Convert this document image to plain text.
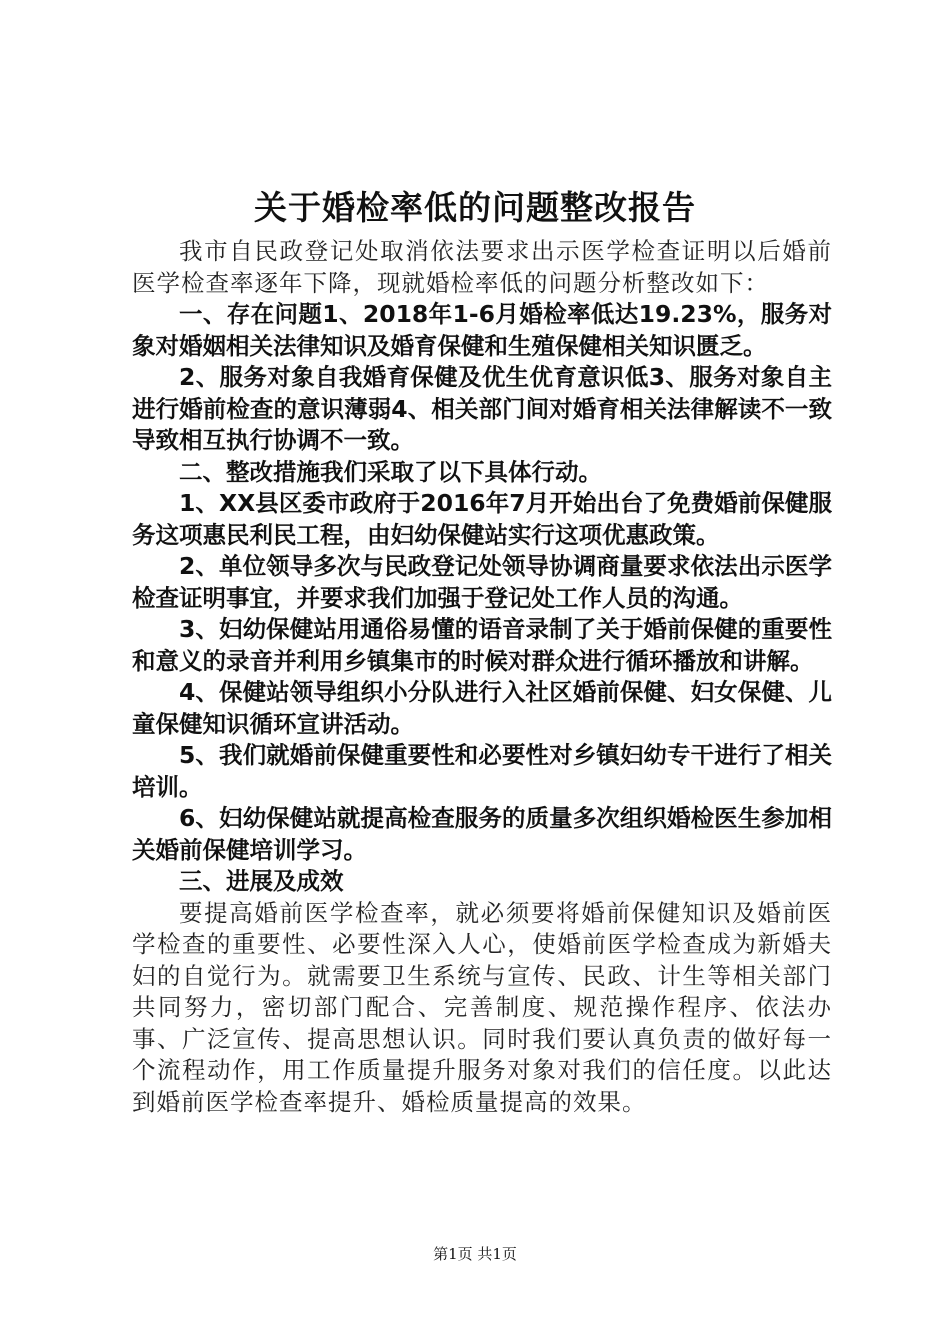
关于婚检率低的问题整改报告

我市自民政登记处取消依法要求出示医学检查证明以后婚前医学检查率逐年下降，现就婚检率低的问题分析整改如下：

一、存在问题1、2018年1-6月婚检率低达19.23%，服务对象对婚姻相关法律知识及婚育保健和生殖保健相关知识匮乏。

2、服务对象自我婚育保健及优生优育意识低3、服务对象自主进行婚前检查的意识薄弱4、相关部门间对婚育相关法律解读不一致导致相互执行协调不一致。

二、整改措施我们采取了以下具体行动。

1、XX县区委市政府于2016年7月开始出台了免费婚前保健服务这项惠民利民工程，由妇幼保健站实行这项优惠政策。

2、单位领导多次与民政登记处领导协调商量要求依法出示医学检查证明事宜，并要求我们加强于登记处工作人员的沟通。

3、妇幼保健站用通俗易懂的语音录制了关于婚前保健的重要性和意义的录音并利用乡镇集市的时候对群众进行循环播放和讲解。

4、保健站领导组织小分队进行入社区婚前保健、妇女保健、儿童保健知识循环宣讲活动。

5、我们就婚前保健重要性和必要性对乡镇妇幼专干进行了相关培训。

6、妇幼保健站就提高检查服务的质量多次组织婚检医生参加相关婚前保健培训学习。

三、进展及成效

要提高婚前医学检查率，就必须要将婚前保健知识及婚前医学检查的重要性、必要性深入人心，使婚前医学检查成为新婚夫妇的自觉行为。就需要卫生系统与宣传、民政、计生等相关部门共同努力，密切部门配合、完善制度、规范操作程序、依法办事、广泛宣传、提高思想认识。同时我们要认真负责的做好每一个流程动作，用工作质量提升服务对象对我们的信任度。以此达到婚前医学检查率提升、婚检质量提高的效果。

第1页 共1页
